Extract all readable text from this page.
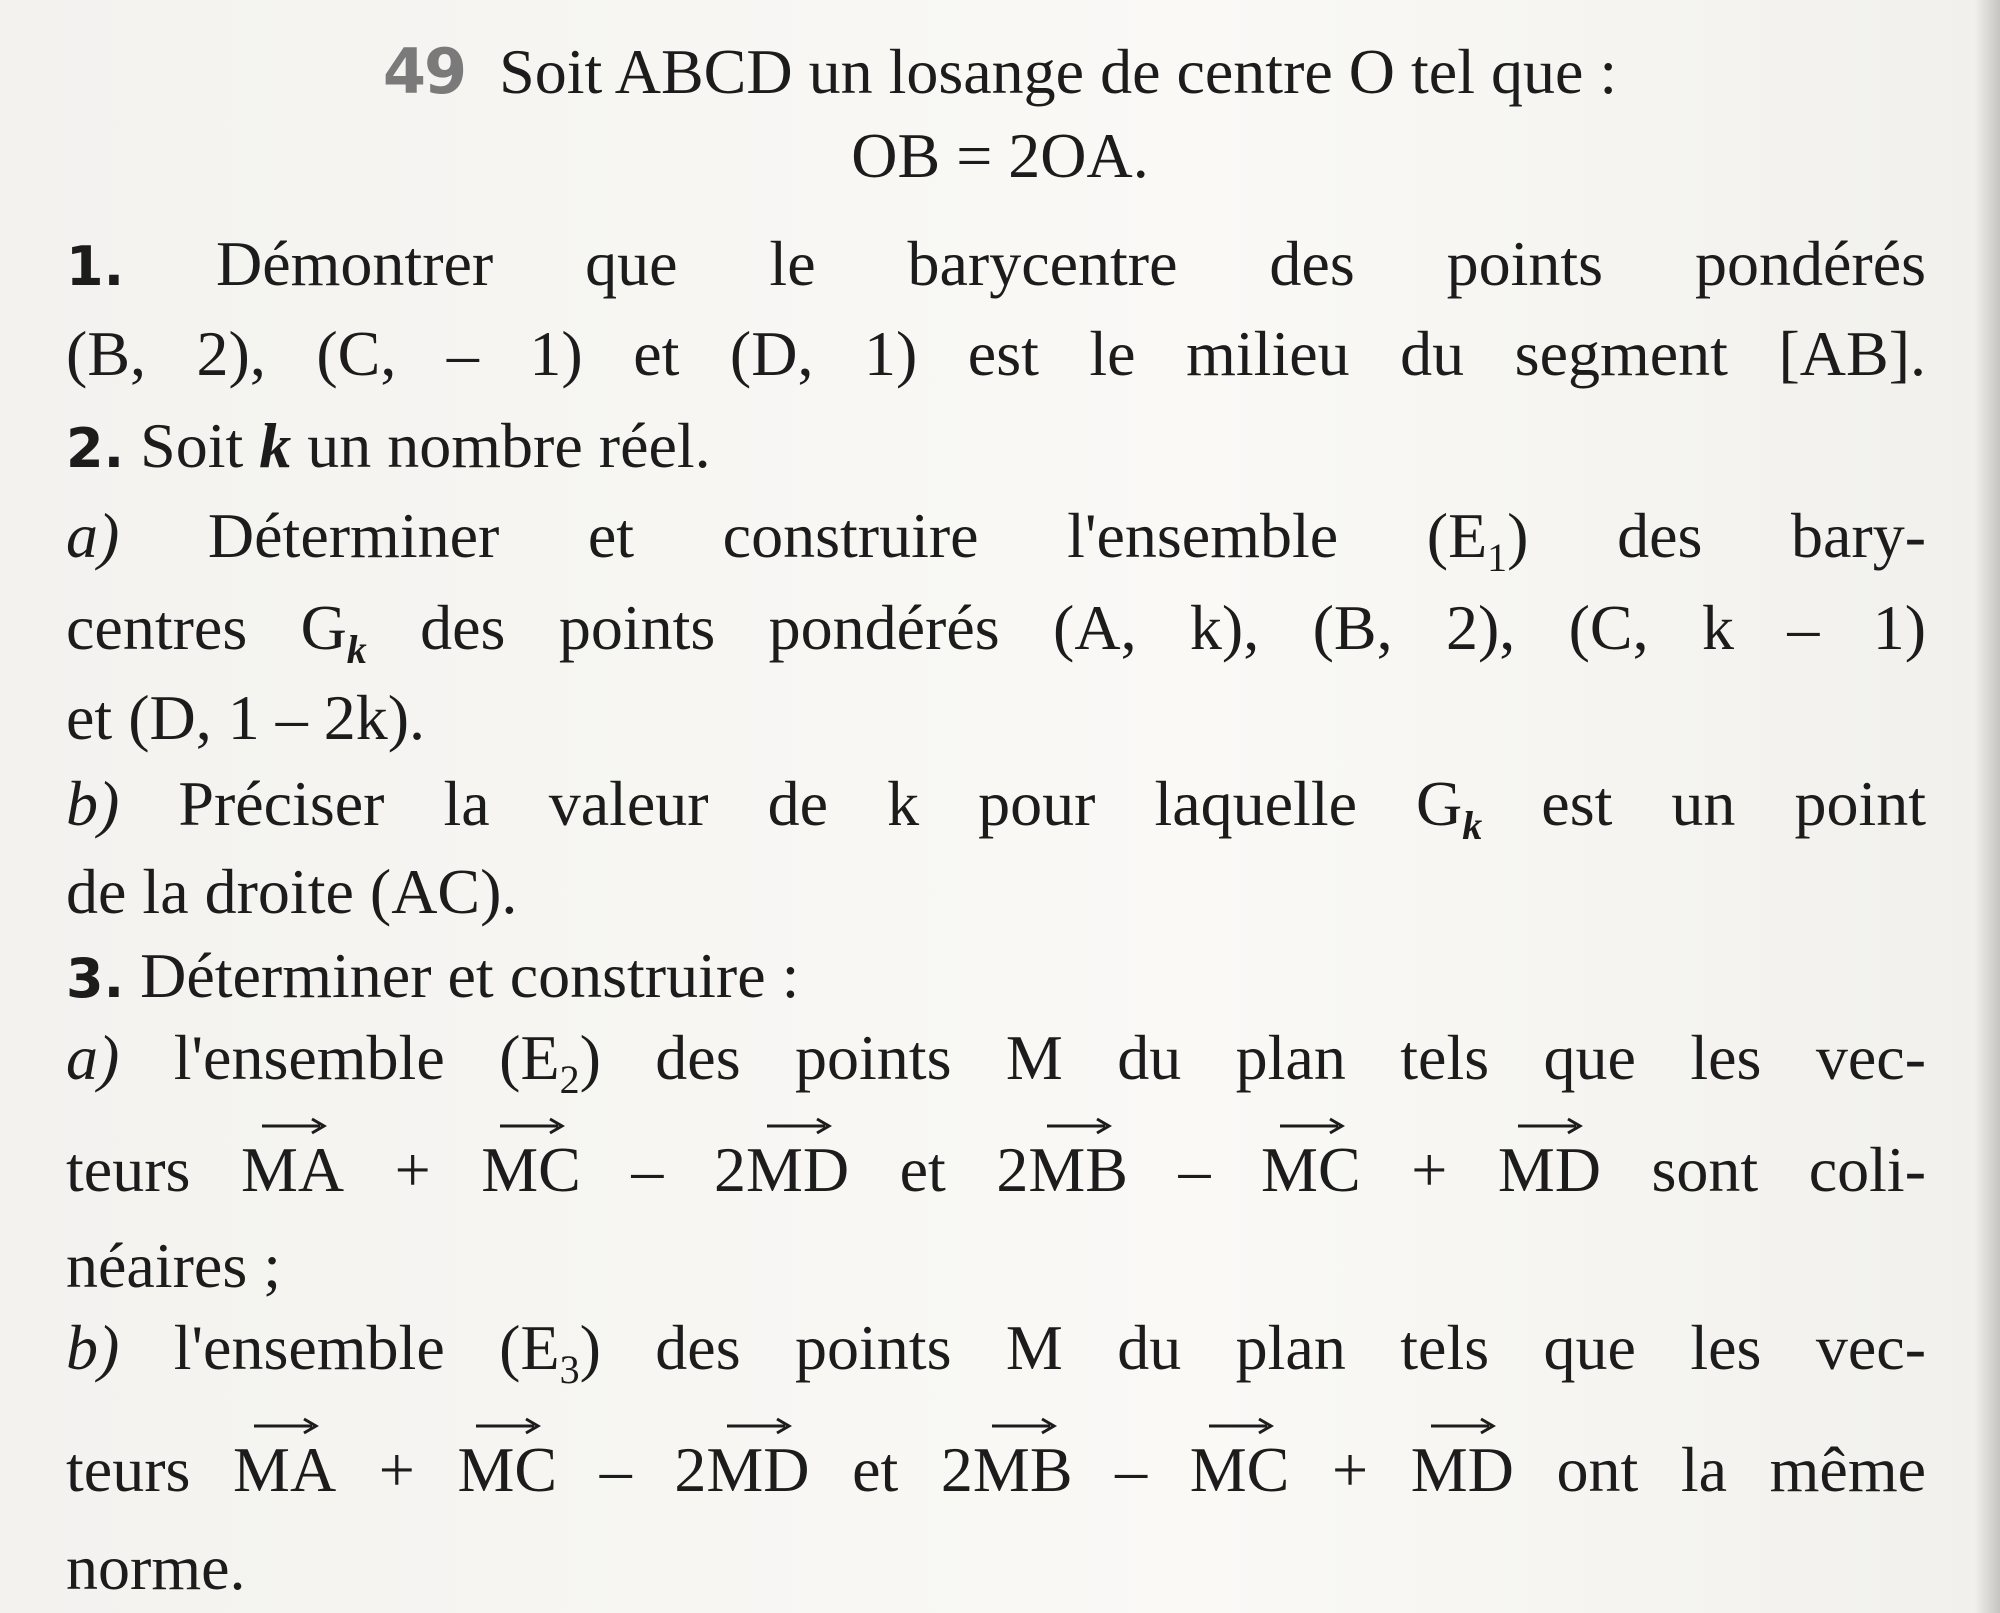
49 Soit ABCD un losange de centre O tel que :
OB = 2OA.
1. Démontrer que le barycentre des points pondérés
(B, 2), (C, – 1) et (D, 1) est le milieu du segment [AB].
2. Soit k un nombre réel.
a) Déterminer et construire l'ensemble $(E_1)$ des bary-
centres $G_k$ des points pondérés (A, k), (B, 2), (C, k – 1)
et (D, 1 – 2k).
b) Préciser la valeur de k pour laquelle $G_k$ est un point
de la droite (AC).
3. Déterminer et construire :
a) l'ensemble $(E_2)$ des points M du plan tels que les vec-
teurs MA + MC – 2MD et 2MB – MC + MD sont coli-
néaires ;
b) l'ensemble $(E_3)$ des points M du plan tels que les vec-
teurs MA + MC – 2MD et 2MB – MC + MD ont la même
norme.
